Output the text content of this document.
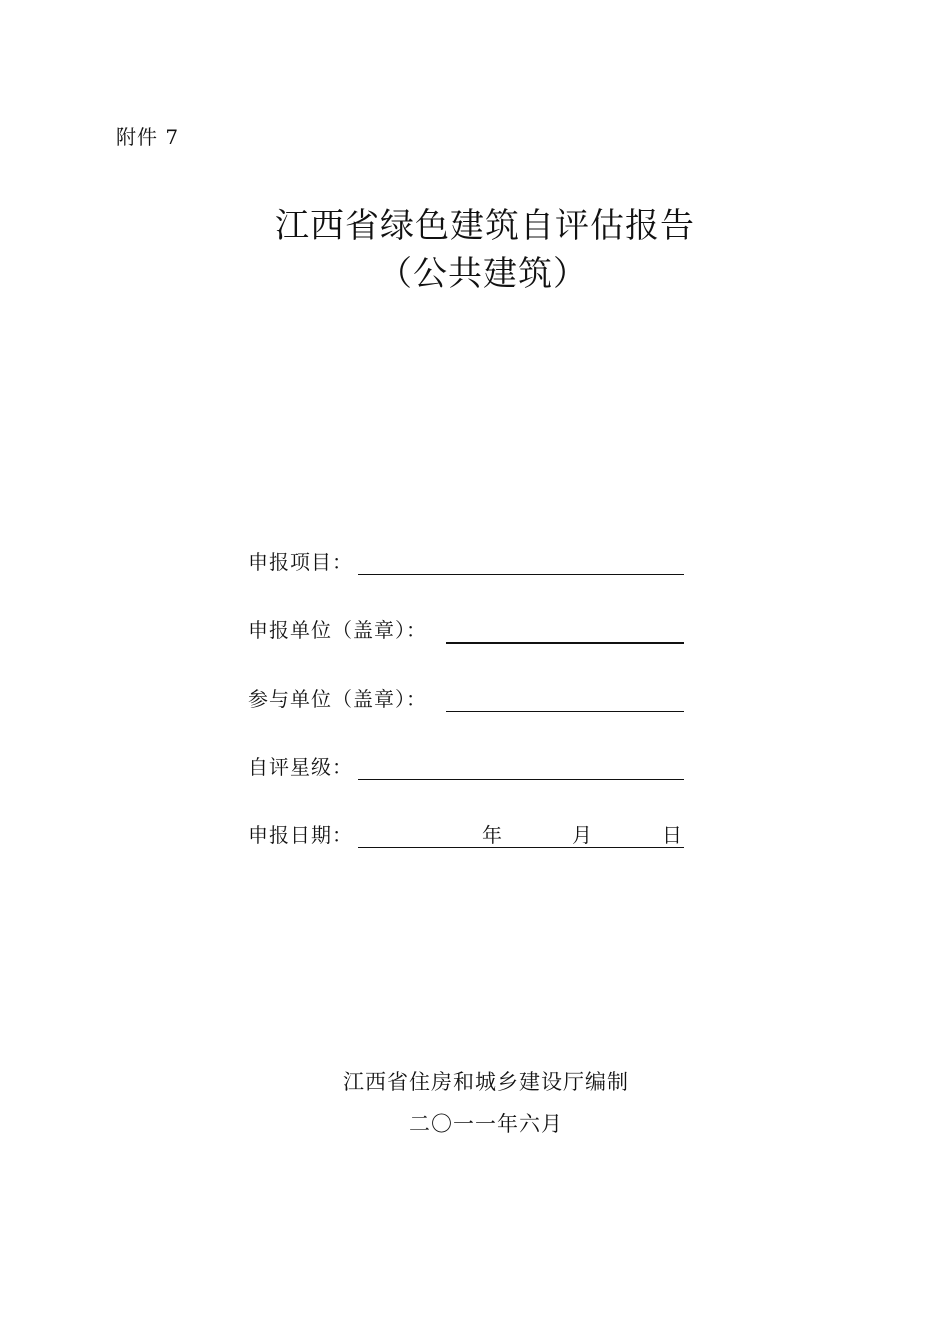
附件 7
江西省绿色建筑自评估报告
（公共建筑）
申报项目：
申报单位（盖章）：
参与单位（盖章）：
自评星级：
申报日期：	年	月	日
江西省住房和城乡建设厅编制
二〇一一年六月
